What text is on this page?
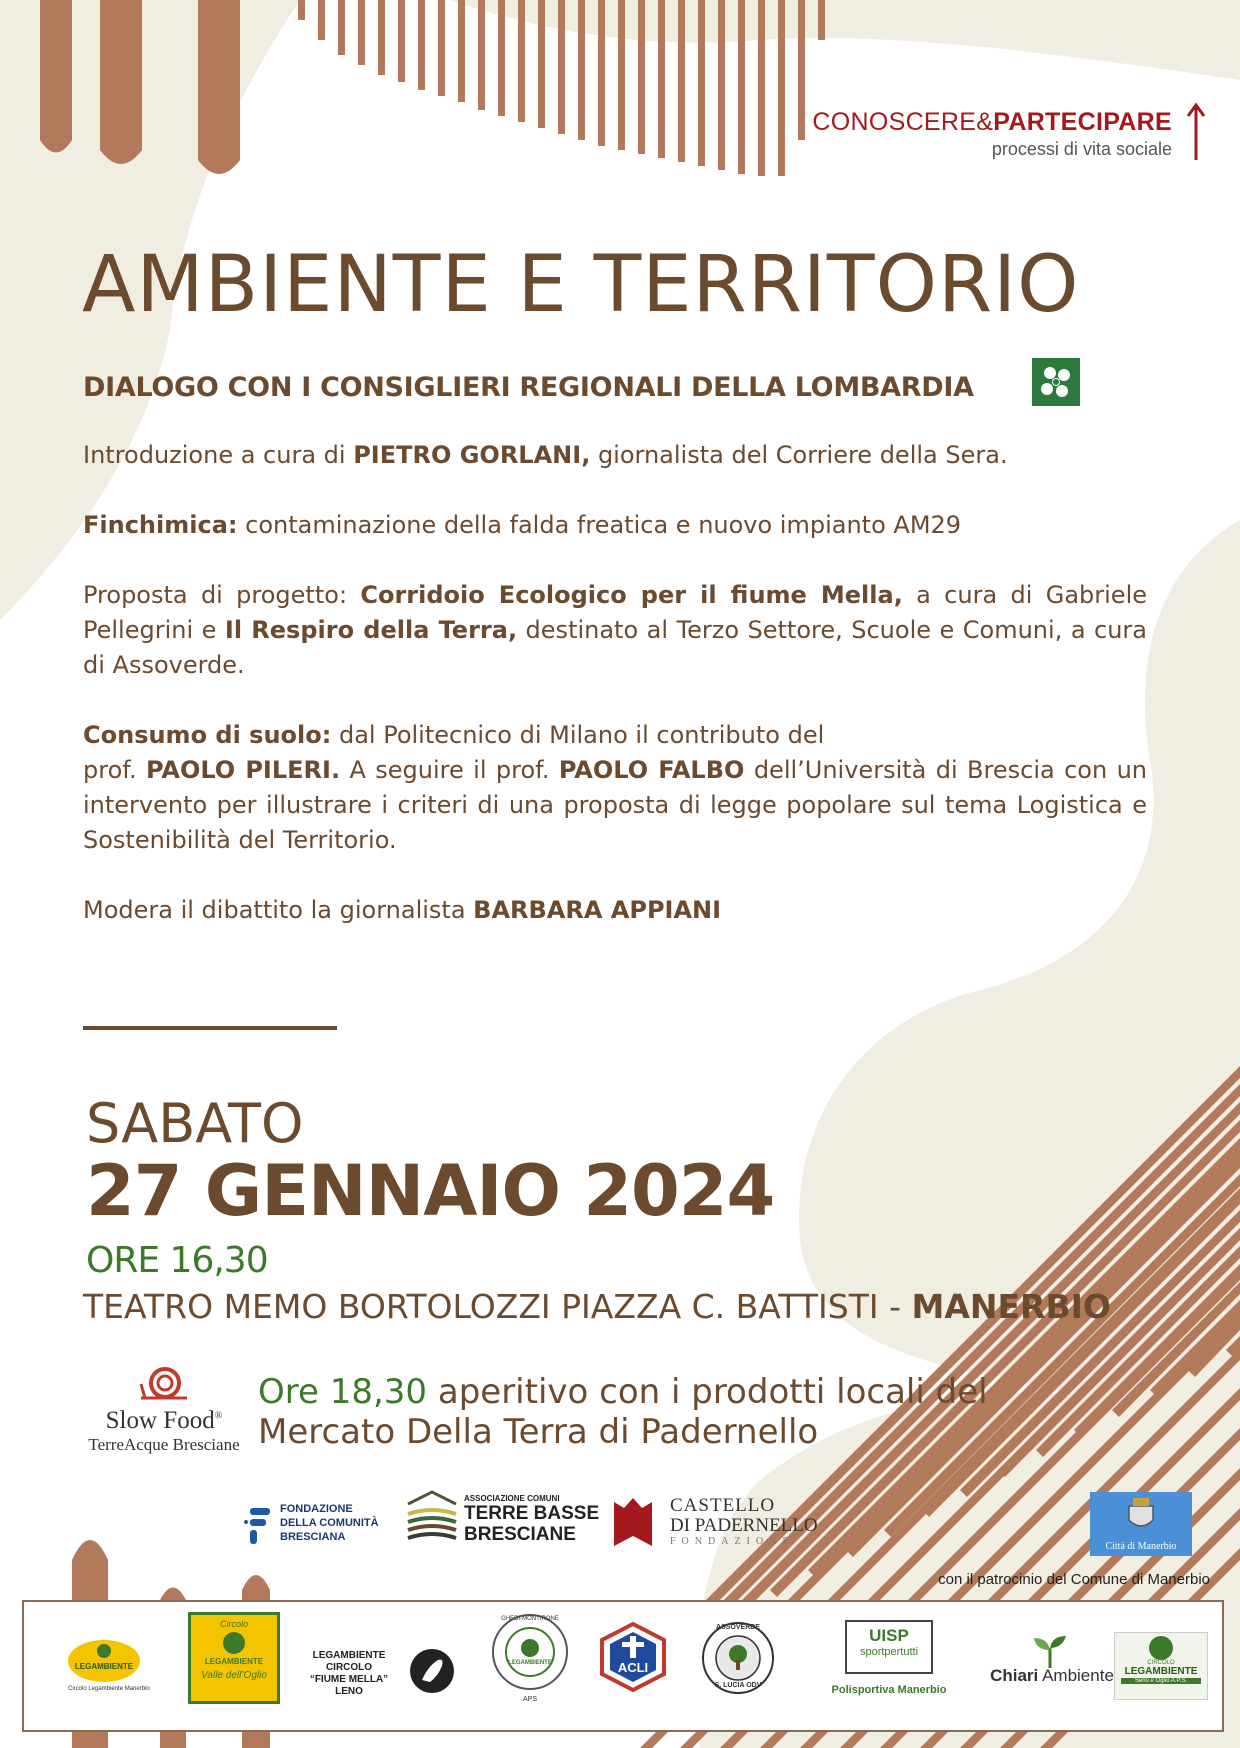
CONOSCERE&PARTECIPARE
processi di vita sociale
AMBIENTE E TERRITORIO
DIALOGO CON I CONSIGLIERI REGIONALI DELLA LOMBARDIA
Introduzione a cura di PIETRO GORLANI, giornalista del Corriere della Sera.
Finchimica: contaminazione della falda freatica e nuovo impianto AM29
Proposta di progetto: Corridoio Ecologico per il fiume Mella, a cura di Gabriele Pellegrini e Il Respiro della Terra, destinato al Terzo Settore, Scuole e Comuni, a cura di Assoverde.
Consumo di suolo: dal Politecnico di Milano il contributo del
prof. PAOLO PILERI. A seguire il prof. PAOLO FALBO dell’Università di Brescia con un intervento per illustrare i criteri di una proposta di legge popolare sul tema Logistica e Sostenibilità del Territorio.
Modera il dibattito la giornalista BARBARA APPIANI
SABATO
27 GENNAIO 2024
ORE 16,30
TEATRO MEMO BORTOLOZZI PIAZZA C. BATTISTI - MANERBIO
Slow Food®
TerreAcque Bresciane
Ore 18,30 aperitivo con i prodotti locali del
Mercato Della Terra di Padernello
FONDAZIONE
DELLA COMUNITÀ
BRESCIANA
ASSOCIAZIONE COMUNI
TERRE BASSE
BRESCIANE
CASTELLO
DI PADERNELLO
FONDAZIONE	Città di Manerbio
con il patrocinio del Comune di Manerbio
LEGAMBIENTE
Circolo Legambiente Manerbio
Circolo
LEGAMBIENTE
Valle dell’Oglio
LEGAMBIENTE
CIRCOLO
“FIUME MELLA”
LENO
GHEDI-MONTIRONE
LEGAMBIENTE
APS
ACLI
ASSOVERDE
S. LUCIA ODV
UISP
sportpertutti
Polisportiva Manerbio
Chiari Ambiente
CIRCOLO
LEGAMBIENTE
Serio e Oglio A.P.S.
